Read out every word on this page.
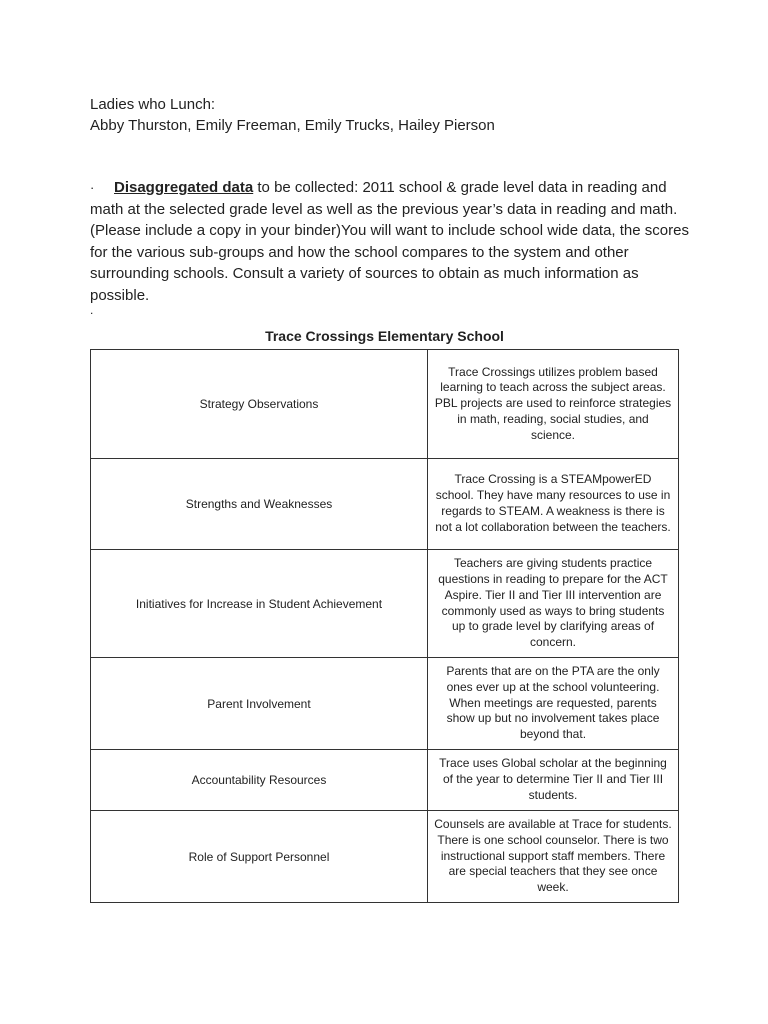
Ladies who Lunch:
Abby Thurston, Emily Freeman, Emily Trucks, Hailey Pierson
· Disaggregated data to be collected: 2011 school & grade level data in reading and math at the selected grade level as well as the previous year’s data in reading and math. (Please include a copy in your binder)You will want to include school wide data, the scores for the various sub-groups and how the school compares to the system and other surrounding schools. Consult a variety of sources to obtain as much information as possible.
.
Trace Crossings Elementary School
Strategy Observations	Trace Crossings utilizes problem based learning to teach across the subject areas. PBL projects are used to reinforce strategies in math, reading, social studies, and science.
Strengths and Weaknesses	Trace Crossing is a STEAMpowerED school. They have many resources to use in regards to STEAM. A weakness is there is not a lot collaboration between the teachers.
Initiatives for Increase in Student Achievement	Teachers are giving students practice questions in reading to prepare for the ACT Aspire. Tier II and Tier III intervention are commonly used as ways to bring students up to grade level by clarifying areas of concern.
Parent Involvement	Parents that are on the PTA are the only ones ever up at the school volunteering. When meetings are requested, parents show up but no involvement takes place beyond that.
Accountability Resources	Trace uses Global scholar at the beginning of the year to determine Tier II and Tier III students.
Role of Support Personnel	Counsels are available at Trace for students. There is one school counselor. There is two instructional support staff members. There are special teachers that they see once week.
